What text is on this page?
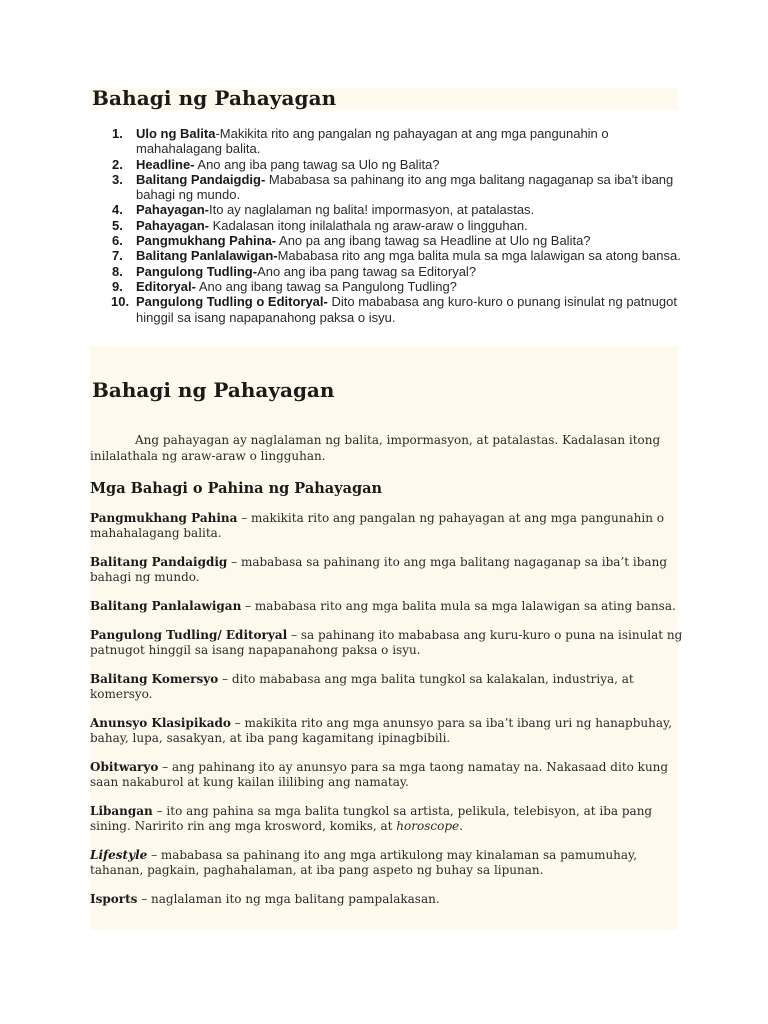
Bahagi ng Pahayagan
1. Ulo ng Balita-Makikita rito ang pangalan ng pahayagan at ang mga pangunahin o mahahalagang balita.
2. Headline- Ano ang iba pang tawag sa Ulo ng Balita?
3. Balitang Pandaigdig- Mababasa sa pahinang ito ang mga balitang nagaganap sa iba't ibang bahagi ng mundo.
4. Pahayagan-Ito ay naglalaman ng balita! impormasyon, at patalastas.
5. Pahayagan- Kadalasan itong inilalathala ng araw-araw o lingguhan.
6. Pangmukhang Pahina- Ano pa ang ibang tawag sa Headline at Ulo ng Balita?
7. Balitang Panlalawigan-Mababasa rito ang mga balita mula sa mga lalawigan sa atong bansa.
8. Pangulong Tudling-Ano ang iba pang tawag sa Editoryal?
9. Editoryal- Ano ang ibang tawag sa Pangulong Tudling?
10. Pangulong Tudling o Editoryal- Dito mababasa ang kuro-kuro o punang isinulat ng patnugot hinggil sa isang napapanahong paksa o isyu.
Bahagi ng Pahayagan

Ang pahayagan ay naglalaman ng balita, impormasyon, at patalastas. Kadalasan itong inilalathala ng araw-araw o lingguhan.

Mga Bahagi o Pahina ng Pahayagan

Pangmukhang Pahina – makikita rito ang pangalan ng pahayagan at ang mga pangunahin o mahahalagang balita.

Balitang Pandaigdig – mababasa sa pahinang ito ang mga balitang nagaganap sa iba’t ibang bahagi ng mundo.

Balitang Panlalawigan – mababasa rito ang mga balita mula sa mga lalawigan sa ating bansa.

Pangulong Tudling/ Editoryal – sa pahinang ito mababasa ang kuru-kuro o puna na isinulat ng patnugot hinggil sa isang napapanahong paksa o isyu.

Balitang Komersyo – dito mababasa ang mga balita tungkol sa kalakalan, industriya, at komersyo.

Anunsyo Klasipikado – makikita rito ang mga anunsyo para sa iba’t ibang uri ng hanapbuhay, bahay, lupa, sasakyan, at iba pang kagamitang ipinagbibili.

Obitwaryo – ang pahinang ito ay anunsyo para sa mga taong namatay na. Nakasaad dito kung saan nakaburol at kung kailan ililibing ang namatay.

Libangan – ito ang pahina sa mga balita tungkol sa artista, pelikula, telebisyon, at iba pang sining. Naririto rin ang mga krosword, komiks, at horoscope.

Lifestyle – mababasa sa pahinang ito ang mga artikulong may kinalaman sa pamumuhay, tahanan, pagkain, paghahalaman, at iba pang aspeto ng buhay sa lipunan.

Isports – naglalaman ito ng mga balitang pampalakasan.
